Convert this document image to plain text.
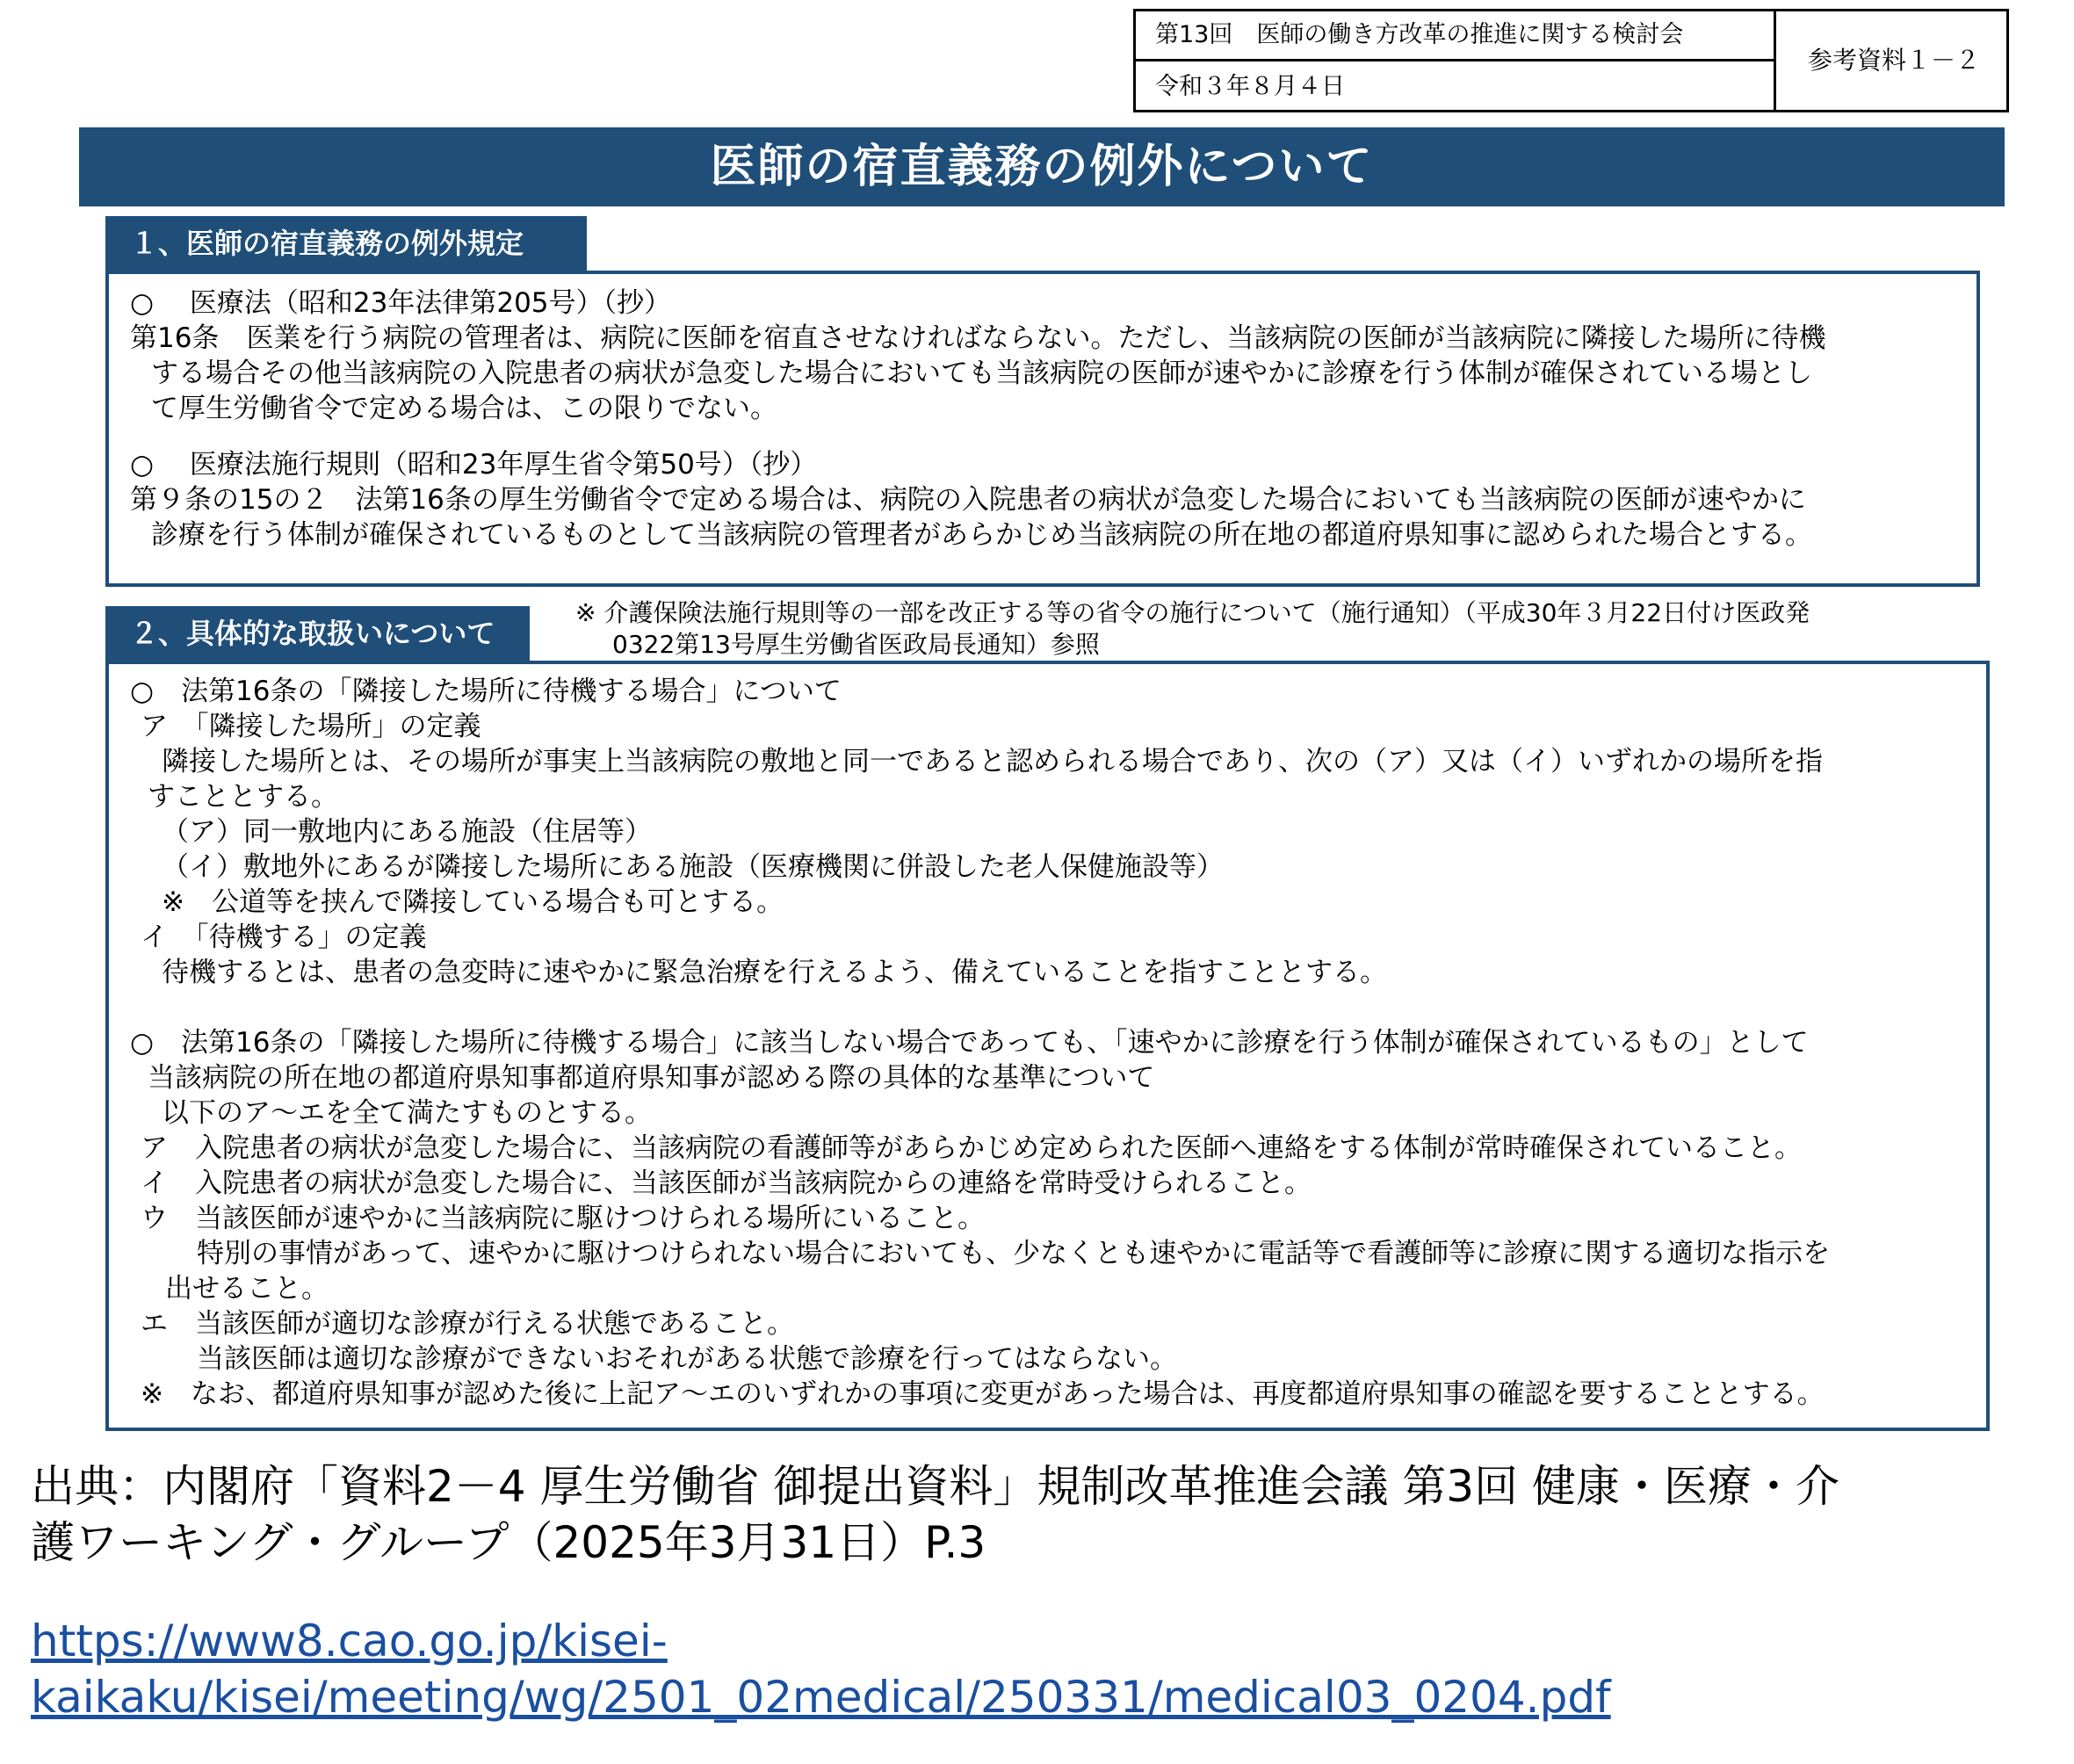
第13回　医師の働き方改革の推進に関する検討会
令和３年８月４日
参考資料１－２
医師の宿直義務の例外について
１、医師の宿直義務の例外規定
○　 医療法（昭和23年法律第205号）（抄）
第16条　医業を行う病院の管理者は、病院に医師を宿直させなければならない。ただし、当該病院の医師が当該病院に隣接した場所に待機
する場合その他当該病院の入院患者の病状が急変した場合においても当該病院の医師が速やかに診療を行う体制が確保されている場とし
て厚生労働省令で定める場合は、この限りでない。
○　 医療法施行規則（昭和23年厚生省令第50号）（抄）
第９条の15の２　法第16条の厚生労働省令で定める場合は、病院の入院患者の病状が急変した場合においても当該病院の医師が速やかに
診療を行う体制が確保されているものとして当該病院の管理者があらかじめ当該病院の所在地の都道府県知事に認められた場合とする。
２、具体的な取扱いについて
※ 介護保険法施行規則等の一部を改正する等の省令の施行について（施行通知）（平成30年３月22日付け医政発
0322第13号厚生労働省医政局長通知）参照
○　法第16条の「隣接した場所に待機する場合」について
ア　「隣接した場所」の定義
隣接した場所とは、その場所が事実上当該病院の敷地と同一であると認められる場合であり、次の（ア）又は（イ）いずれかの場所を指
すこととする。
（ア）同一敷地内にある施設（住居等）
（イ）敷地外にあるが隣接した場所にある施設（医療機関に併設した老人保健施設等）
※　公道等を挟んで隣接している場合も可とする。
イ　「待機する」の定義
待機するとは、患者の急変時に速やかに緊急治療を行えるよう、備えていることを指すこととする。
○　法第16条の「隣接した場所に待機する場合」に該当しない場合であっても、「速やかに診療を行う体制が確保されているもの」として
当該病院の所在地の都道府県知事都道府県知事が認める際の具体的な基準について
以下のア～エを全て満たすものとする。
ア　入院患者の病状が急変した場合に、当該病院の看護師等があらかじめ定められた医師へ連絡をする体制が常時確保されていること。
イ　入院患者の病状が急変した場合に、当該医師が当該病院からの連絡を常時受けられること。
ウ　当該医師が速やかに当該病院に駆けつけられる場所にいること。
特別の事情があって、速やかに駆けつけられない場合においても、少なくとも速やかに電話等で看護師等に診療に関する適切な指示を
出せること。
エ　当該医師が適切な診療が行える状態であること。
当該医師は適切な診療ができないおそれがある状態で診療を行ってはならない。
※　なお、都道府県知事が認めた後に上記ア～エのいずれかの事項に変更があった場合は、再度都道府県知事の確認を要することとする。
出典：内閣府「資料2－4 厚生労働省 御提出資料」規制改革推進会議 第3回 健康・医療・介
護ワーキング・グループ（2025年3月31日）P.3
https://www8.cao.go.jp/kisei-
kaikaku/kisei/meeting/wg/2501_02medical/250331/medical03_0204.pdf
